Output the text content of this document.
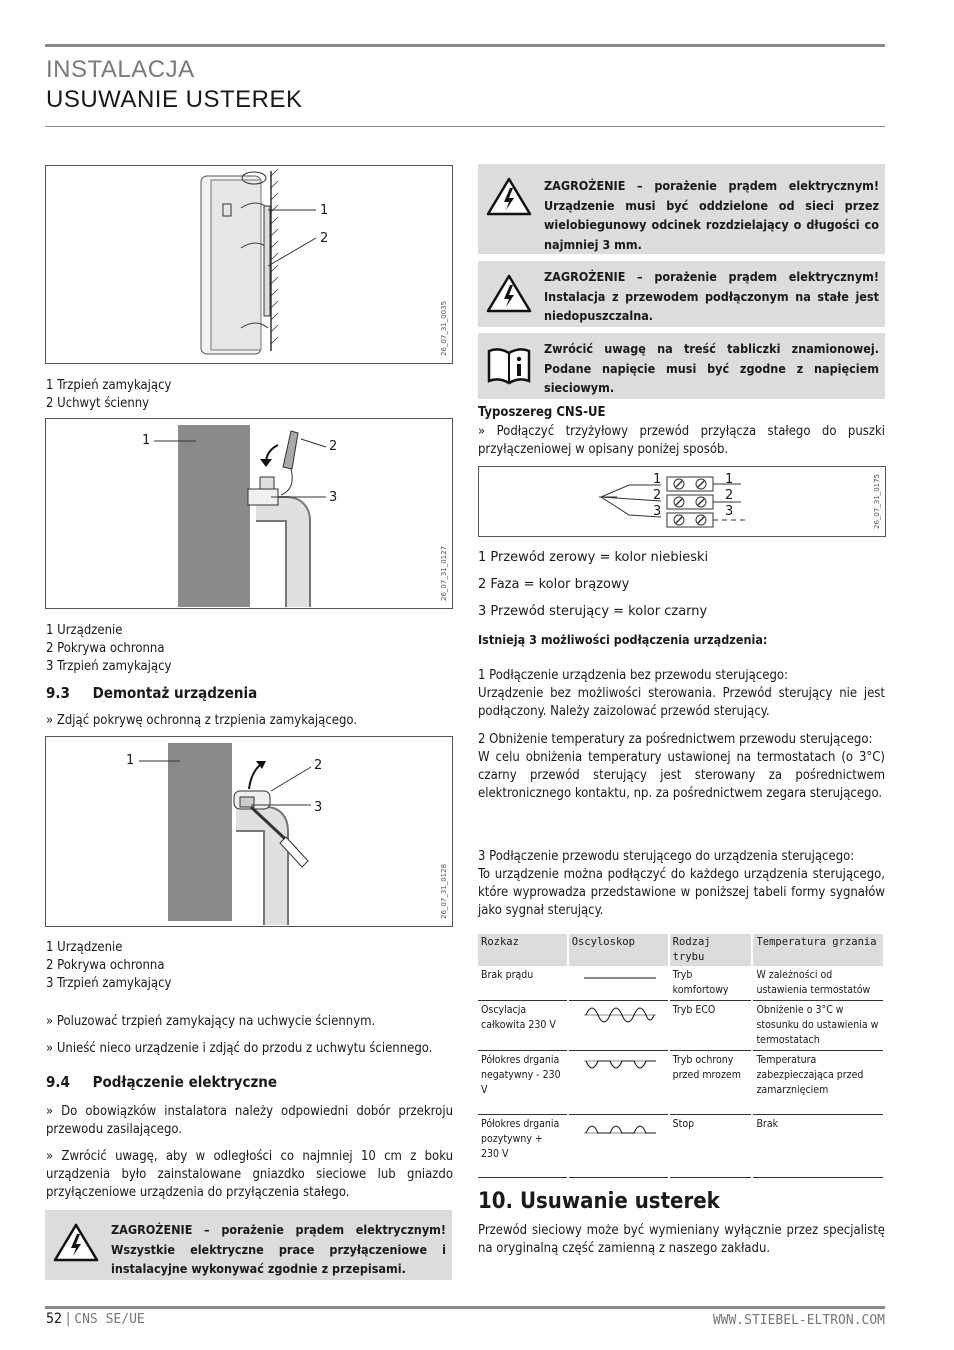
INSTALACJA
USUWANIE USTEREK
1
2
26_07_31_0035
1 Trzpień zamykający
2 Uchwyt ścienny
1	2
3
26_07_31_0127
1 Urządzenie
2 Pokrywa ochronna
3 Trzpień zamykający
9.3 Demontaż urządzenia
» Zdjąć pokrywę ochronną z trzpienia zamykającego.
1	2
3
26_07_31_0128
1 Urządzenie
2 Pokrywa ochronna
3 Trzpień zamykający
» Poluzować trzpień zamykający na uchwycie ściennym.
» Unieść nieco urządzenie i zdjąć do przodu z uchwytu ściennego.
9.4 Podłączenie elektryczne
» Do obowiązków instalatora należy odpowiedni dobór przekroju przewodu zasilającego.
» Zwrócić uwagę, aby w odległości co najmniej 10 cm z boku urządzenia było zainstalowane gniazdko sieciowe lub gniazdo przyłączeniowe urządzenia do przyłączenia stałego.
ZAGROŻENIE – porażenie prądem elektrycznym! Wszystkie elektryczne prace przyłączeniowe i instalacyjne wykonywać zgodnie z przepisami.
ZAGROŻENIE – porażenie prądem elektrycznym! Urządzenie musi być oddzielone od sieci przez wielobiegunowy odcinek rozdzielający o długości co najmniej 3 mm.
ZAGROŻENIE – porażenie prądem elektrycznym! Instalacja z przewodem podłączonym na stałe jest niedopuszczalna.
Zwrócić uwagę na treść tabliczki znamionowej. Podane napięcie musi być zgodne z napięciem sieciowym.
Typoszereg CNS-UE
» Podłączyć trzyżyłowy przewód przyłącza stałego do puszki przyłączeniowej w opisany poniżej sposób.
1
2
3
1
2
3	26_07_31_0175
1 Przewód zerowy = kolor niebieski
2 Faza = kolor brązowy
3 Przewód sterujący = kolor czarny
Istnieją 3 możliwości podłączenia urządzenia:
1 Podłączenie urządzenia bez przewodu sterującego:
Urządzenie bez możliwości sterowania. Przewód sterujący nie jest podłączony. Należy zaizolować przewód sterujący.
2 Obniżenie temperatury za pośrednictwem przewodu sterującego:
W celu obniżenia temperatury ustawionej na termostatach (o 3°C) czarny przewód sterujący jest sterowany za pośrednictwem elektronicznego kontaktu, np. za pośrednictwem zegara sterującego.
3 Podłączenie przewodu sterującego do urządzenia sterującego:
To urządzenie można podłączyć do każdego urządzenia sterującego, które wyprowadza przedstawione w poniższej tabeli formy sygnałów jako sygnał sterujący.
Rozkaz	Oscyloskop	Rodzaj trybu	Temperatura grzania
Brak prądu		Tryb komfortowy	W zależności od ustawienia termostatów
Oscylacja całkowita 230 V		Tryb ECO	Obniżenie o 3°C w stosunku do ustawienia w termostatach
Półokres drgania negatywny - 230 V		Tryb ochrony przed mrozem	Temperatura zabezpieczająca przed zamarznięciem
Półokres drgania pozytywny + 230 V		Stop	Brak
10. Usuwanie usterek
Przewód sieciowy może być wymieniany wyłącznie przez specjalistę na oryginalną część zamienną z naszego zakładu.
52 | CNS SE/UE	WWW.STIEBEL-ELTRON.COM
